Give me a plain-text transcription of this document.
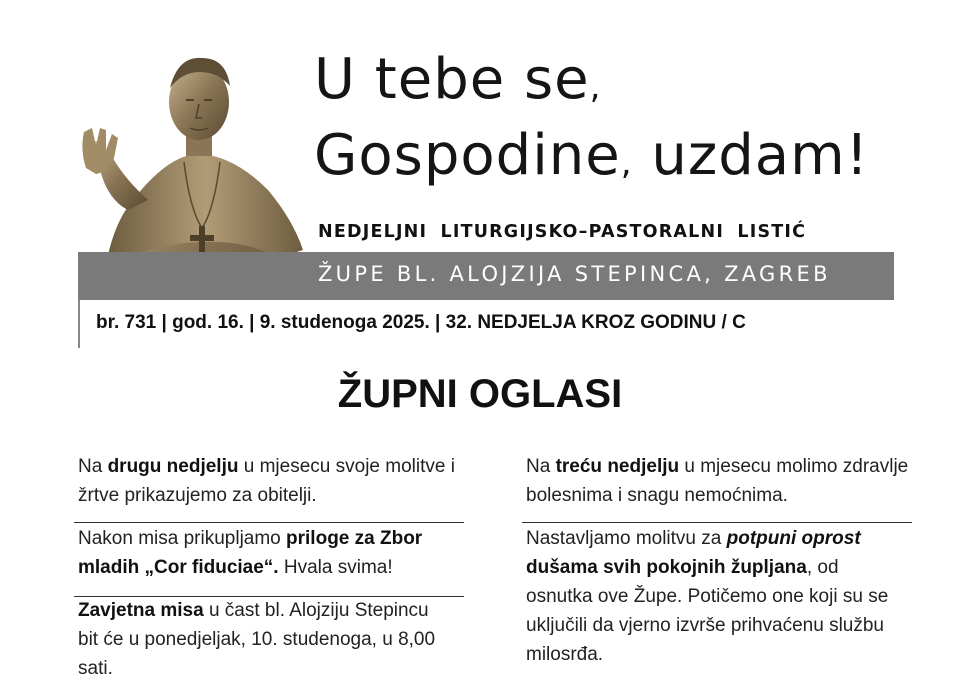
U tebe se,
Gospodine, uzdam!
NEDJELJNI LITURGIJSKO–PASTORALNI LISTIĆ
ŽUPE BL. ALOJZIJA STEPINCA, ZAGREB
br. 731 | god. 16. | 9. studenoga 2025. | 32. NEDJELJA KROZ GODINU / C
ŽUPNI OGLASI
Na drugu nedjelju u mjesecu svoje molitve i žrtve prikazujemo za obitelji.
Nakon misa prikupljamo priloge za Zbor mladih „Cor fiduciae“. Hvala svima!
Zavjetna misa u čast bl. Alojziju Stepincu bit će u ponedjeljak, 10. studenoga, u 8,00 sati.
Na treću nedjelju u mjesecu molimo zdravlje bolesnima i snagu nemoćnima.
Nastavljamo molitvu za potpuni oprost dušama svih pokojnih župljana, od osnutka ove Župe. Potičemo one koji su se uključili da vjerno izvrše prihvaćenu službu milosrđa.
